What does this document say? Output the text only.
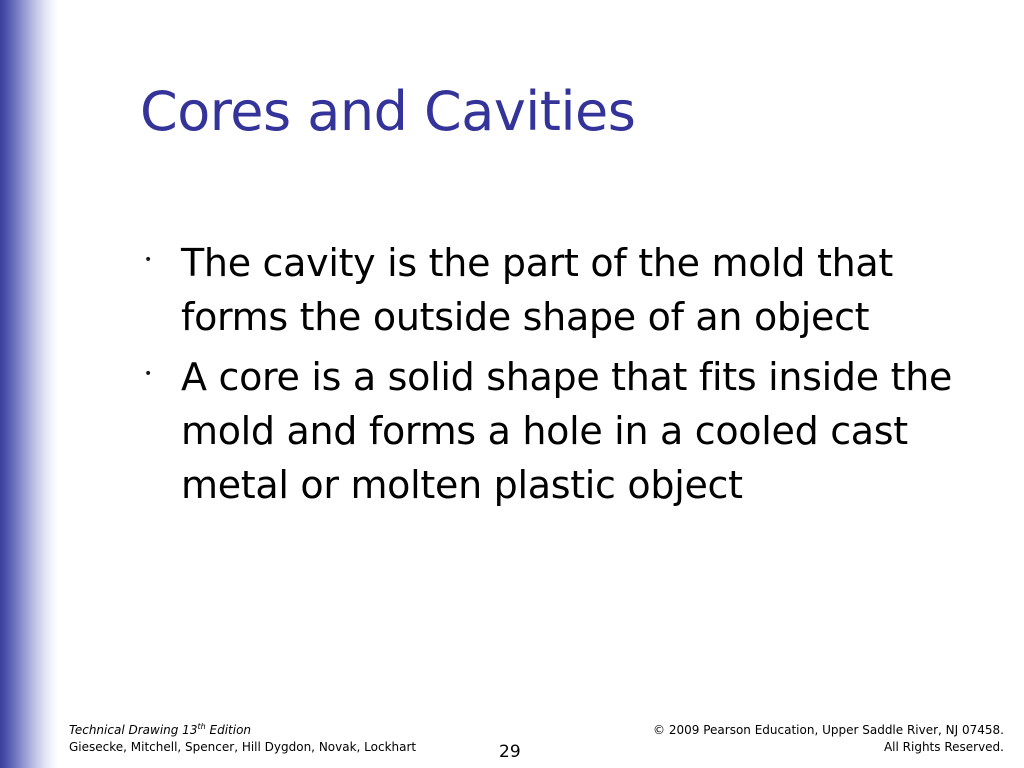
Cores and Cavities
• The cavity is the part of the mold that forms the outside shape of an object
• A core is a solid shape that fits inside the mold and forms a hole in a cooled cast metal or molten plastic object
Technical Drawing 13th Edition
Giesecke, Mitchell, Spencer, Hill Dygdon, Novak, Lockhart	29
© 2009 Pearson Education, Upper Saddle River, NJ 07458.
All Rights Reserved.
